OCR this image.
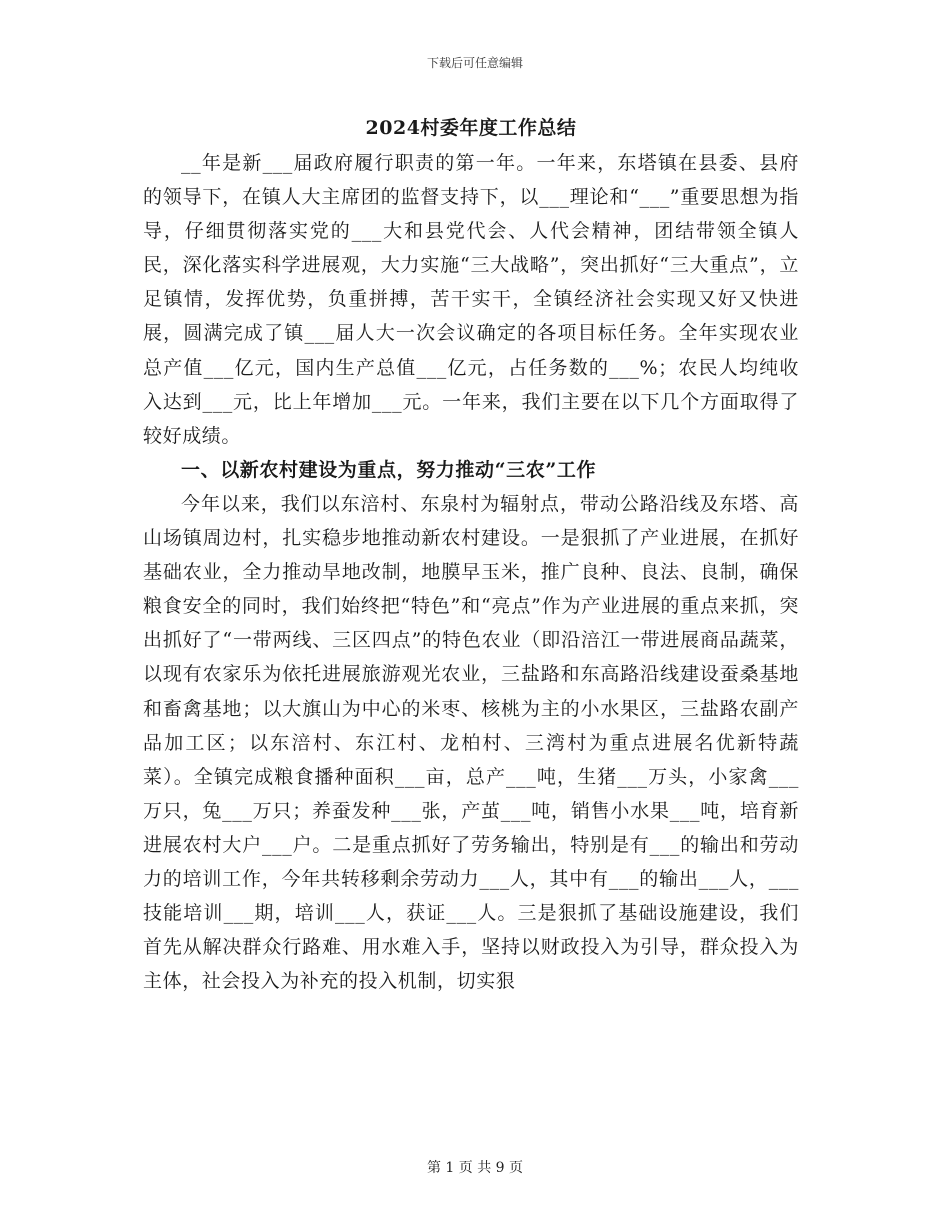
下载后可任意编辑
2024村委年度工作总结

__年是新___届政府履行职责的第一年。一年来，东塔镇在县委、县府的领导下，在镇人大主席团的监督支持下，以___理论和“___”重要思想为指导，仔细贯彻落实党的___大和县党代会、人代会精神，团结带领全镇人民，深化落实科学进展观，大力实施“三大战略”，突出抓好“三大重点”，立足镇情，发挥优势，负重拼搏，苦干实干，全镇经济社会实现又好又快进展，圆满完成了镇___届人大一次会议确定的各项目标任务。全年实现农业总产值___亿元，国内生产总值___亿元，占任务数的___%；农民人均纯收入达到___元，比上年增加___元。一年来，我们主要在以下几个方面取得了较好成绩。

一、以新农村建设为重点，努力推动“三农”工作

今年以来，我们以东涪村、东泉村为辐射点，带动公路沿线及东塔、高山场镇周边村，扎实稳步地推动新农村建设。一是狠抓了产业进展，在抓好基础农业，全力推动旱地改制，地膜早玉米，推广良种、良法、良制，确保粮食安全的同时，我们始终把“特色”和“亮点”作为产业进展的重点来抓，突出抓好了“一带两线、三区四点”的特色农业（即沿涪江一带进展商品蔬菜，以现有农家乐为依托进展旅游观光农业，三盐路和东高路沿线建设蚕桑基地和畜禽基地；以大旗山为中心的米枣、核桃为主的小水果区，三盐路农副产品加工区；以东涪村、东江村、龙柏村、三湾村为重点进展名优新特蔬菜）。全镇完成粮食播种面积___亩，总产___吨，生猪___万头，小家禽___万只，兔___万只；养蚕发种___张，产茧___吨，销售小水果___吨，培育新进展农村大户___户。二是重点抓好了劳务输出，特别是有___的输出和劳动力的培训工作，今年共转移剩余劳动力___人，其中有___的输出___人，___技能培训___期，培训___人，获证___人。三是狠抓了基础设施建设，我们首先从解决群众行路难、用水难入手，坚持以财政投入为引导，群众投入为主体，社会投入为补充的投入机制，切实狠

第 1 页 共 9 页
